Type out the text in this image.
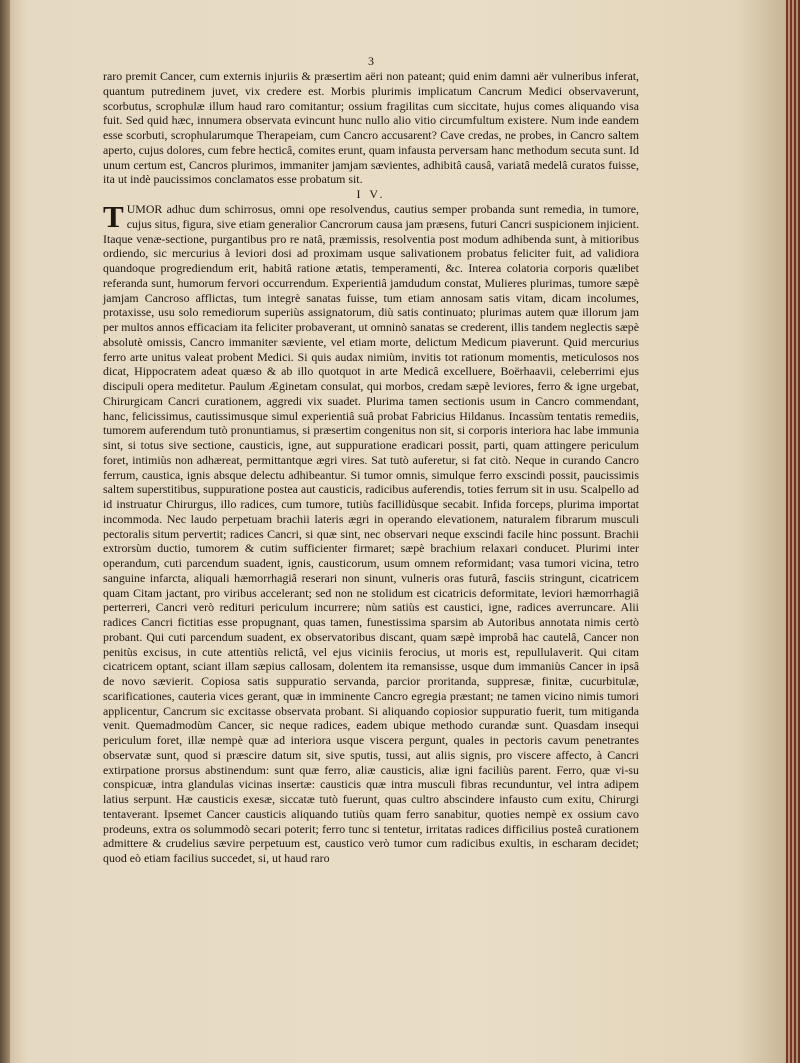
3

raro premit Cancer, cum externis injuriis & præsertim aëri non pateant; quid enim damni aër vulneribus inferat, quantum putredinem juvet, vix credere est. Morbis plurimis implicatum Cancrum Medici observaverunt, scorbutus, scrophulæ illum haud raro comitantur; ossium fragilitas cum siccitate, hujus comes aliquando visa fuit. Sed quid hæc, innumera observata evincunt hunc nullo alio vitio circumfultum existere. Num inde eandem esse scorbuti, scrophularumque Therapeiam, cum Cancro accusarent? Cave credas, ne probes, in Cancro saltem aperto, cujus dolores, cum febre hecticâ, comites erunt, quam infausta perversam hanc methodum secuta sunt. Id unum certum est, Cancros plurimos, immaniter jamjam sævientes, adhibitâ causâ, variatâ medelâ curatos fuisse, ita ut indè paucissimos conclamatos esse probatum sit.

I V.
T UMOR adhuc dum schirrosus, omni ope resolvendus, cautius semper probanda sunt remedia, in tumore, cujus situs, figura, sive etiam generalior Cancrorum causa jam præsens, futuri Cancri suspicionem injicient. Itaque venæ-sectione, purgantibus pro re natâ, præmissis, resolventia post modum adhibenda sunt, à mitioribus ordiendo, sic mercurius à leviori dosi ad proximam usque salivationem probatus feliciter fuit, ad validiora quandoque progrediendum erit, habitâ ratione ætatis, temperamenti, &c. Interea colatoria corporis quælibet referanda sunt, humorum fervori occurrendum. Experientiâ jamdudum constat, Mulieres plurimas, tumore sæpè jamjam Cancroso afflictas, tum integrè sanatas fuisse, tum etiam annosam satis vitam, dicam incolumes, protaxisse, usu solo remediorum superiùs assignatorum, diù satis continuato; plurimas autem quæ illorum jam per multos annos efficaciam ita feliciter probaverant, ut omninò sanatas se crederent, illis tandem neglectis sæpè absolutè omissis, Cancro immaniter sæviente, vel etiam morte, delictum Medicum piaverunt. Quid mercurius ferro arte unitus valeat probent Medici. Si quis audax nimiùm, invitis tot rationum momentis, meticulosos nos dicat, Hippocratem adeat quæso & ab illo quotquot in arte Medicâ excelluere, Boërhaavii, celeberrimi ejus discipuli opera meditetur. Paulum Æginetam consulat, qui morbos, credam sæpè leviores, ferro & igne urgebat, Chirurgicam Cancri curationem, aggredi vix suadet. Plurima tamen sectionis usum in Cancro commendant, hanc, felicissimus, cautissimusque simul experientiâ suâ probat Fabricius Hildanus. Incassùm tentatis remediis, tumorem auferendum tutò pronuntiamus, si præsertim congenitus non sit, si corporis interiora hac labe immunia sint, si totus sive sectione, causticis, igne, aut suppuratione eradicari possit, parti, quam attingere periculum foret, intimiùs non adhæreat, permittantque ægri vires. Sat tutò auferetur, si fat citò. Neque in curando Cancro ferrum, caustica, ignis absque delectu adhibeantur. Si tumor omnis, simulque ferro exscindi possit, paucissimis saltem superstitibus, suppuratione postea aut causticis, radicibus auferendis, toties ferrum sit in usu. Scalpello ad id instruatur Chirurgus, illo radices, cum tumore, tutiùs facillidùsque secabit. Infida forceps, plurima importat incommoda. Nec laudo perpetuam brachii lateris ægri in operando elevationem, naturalem fibrarum musculi pectoralis situm pervertit; radices Cancri, si quæ sint, nec observari neque exscindi facile hinc possunt. Brachii extrorsùm ductio, tumorem & cutim sufficienter firmaret; sæpè brachium relaxari conducet. Plurimi inter operandum, cuti parcendum suadent, ignis, causticorum, usum omnem reformidant; vasa tumori vicina, tetro sanguine infarcta, aliquali hæmorrhagiâ reserari non sinunt, vulneris oras futurâ, fasciis stringunt, cicatricem quam Citam jactant, pro viribus accelerant; sed non ne stolidum est cicatricis deformitate, leviori hæmorrhagiâ perterreri, Cancri verò redituri periculum incurrere; nùm satiùs est caustici, igne, radices averruncare. Alii radices Cancri fictitias esse propugnant, quas tamen, funestissima sparsim ab Autoribus annotata nimis certò probant. Qui cuti parcendum suadent, ex observatoribus discant, quam sæpè improbâ hac cautelâ, Cancer non penitùs excisus, in cute attentiùs relictâ, vel ejus viciniis ferocius, ut moris est, repullulaverit. Qui citam cicatricem optant, sciant illam sæpius callosam, dolentem ita remansisse, usque dum immaniùs Cancer in ipsâ de novo sævierit. Copiosa satis suppuratio servanda, parcior proritanda, suppresæ, finitæ, cucurbitulæ, scarificationes, cauteria vices gerant, quæ in imminente Cancro egregia præstant; ne tamen vicino nimis tumori applicentur, Cancrum sic excitasse observata probant. Si aliquando copiosior suppuratio fuerit, tum mitiganda venit. Quemadmodùm Cancer, sic neque radices, eadem ubique methodo curandæ sunt. Quasdam insequi periculum foret, illæ nempè quæ ad interiora usque viscera pergunt, quales in pectoris cavum penetrantes observatæ sunt, quod si præscire datum sit, sive sputis, tussi, aut aliis signis, pro viscere affecto, à Cancri extirpatione prorsus abstinendum: sunt quæ ferro, aliæ causticis, aliæ igni faciliùs parent. Ferro, quæ vi-su conspicuæ, intra glandulas vicinas insertæ: causticis quæ intra musculi fibras recunduntur, vel intra adipem latius serpunt. Hæ causticis exesæ, siccatæ tutò fuerunt, quas cultro abscindere infausto cum exitu, Chirurgi tentaverant. Ipsemet Cancer causticis aliquando tutiùs quam ferro sanabitur, quoties nempè ex ossium cavo prodeuns, extra os solummodò secari poterit; ferro tunc si tentetur, irritatas radices difficilius posteâ curationem admittere & crudelius sævire perpetuum est, caustico verò tumor cum radicibus exultis, in escharam decidet; quod eò etiam facilius succedet, si, ut haud raro
